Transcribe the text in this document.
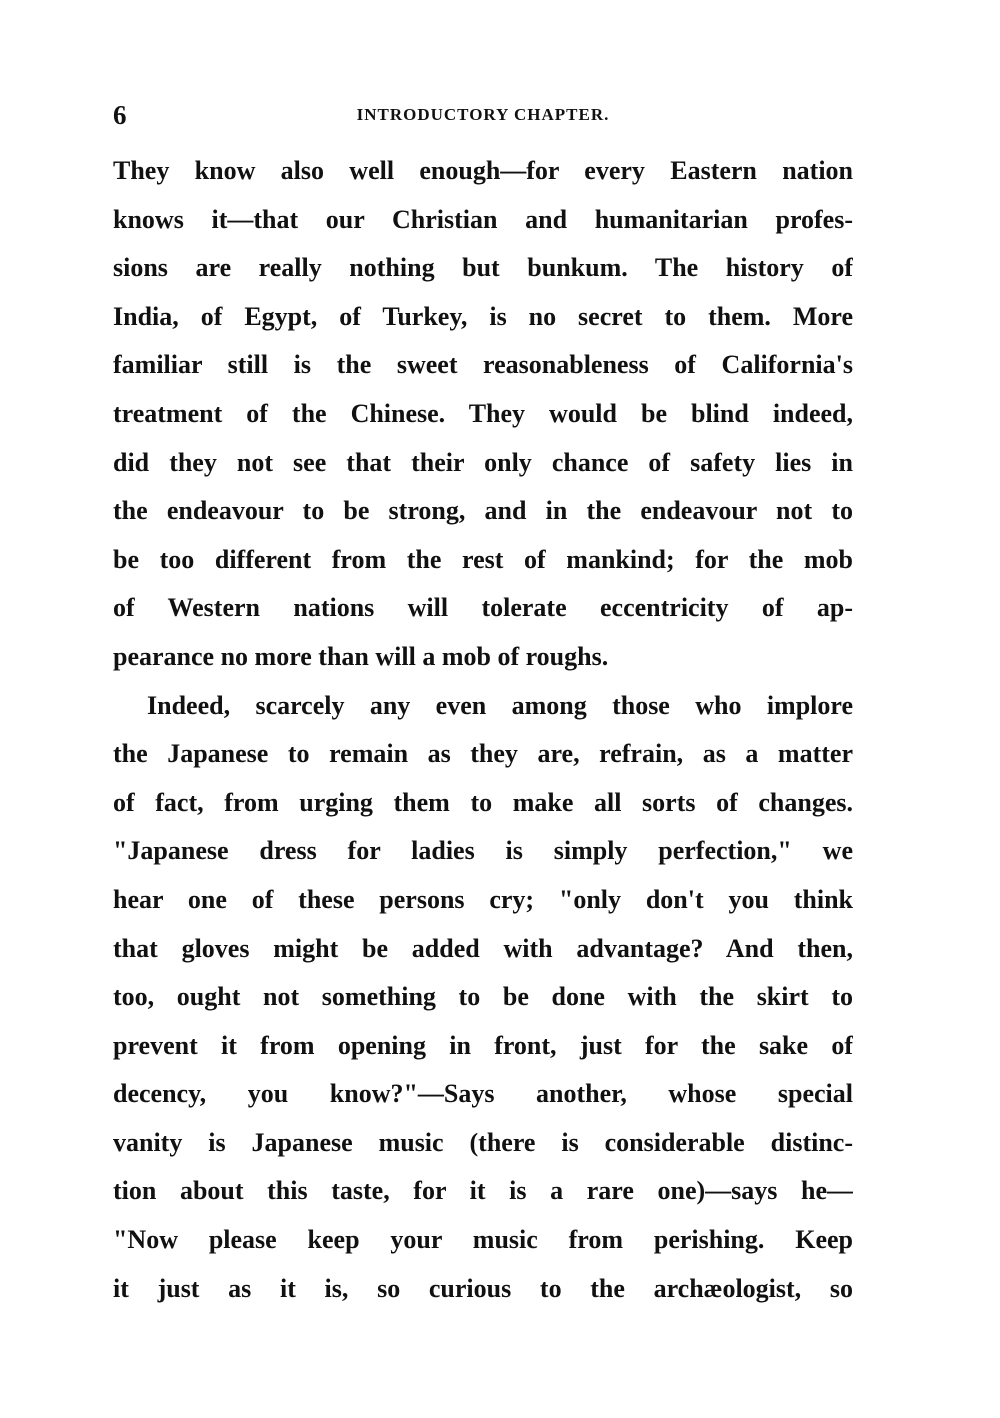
6	INTRODUCTORY CHAPTER.
They know also well enough—for every Eastern nation
knows it—that our Christian and humanitarian profes-
sions are really nothing but bunkum. The history of
India, of Egypt, of Turkey, is no secret to them. More
familiar still is the sweet reasonableness of California's
treatment of the Chinese. They would be blind indeed,
did they not see that their only chance of safety lies in
the endeavour to be strong, and in the endeavour not to
be too different from the rest of mankind; for the mob
of Western nations will tolerate eccentricity of ap-
pearance no more than will a mob of roughs.
Indeed, scarcely any even among those who implore
the Japanese to remain as they are, refrain, as a matter
of fact, from urging them to make all sorts of changes.
"Japanese dress for ladies is simply perfection," we
hear one of these persons cry; "only don't you think
that gloves might be added with advantage? And then,
too, ought not something to be done with the skirt to
prevent it from opening in front, just for the sake of
decency, you know?"—Says another, whose special
vanity is Japanese music (there is considerable distinc-
tion about this taste, for it is a rare one)—says he—
"Now please keep your music from perishing. Keep
it just as it is, so curious to the archæologist, so
